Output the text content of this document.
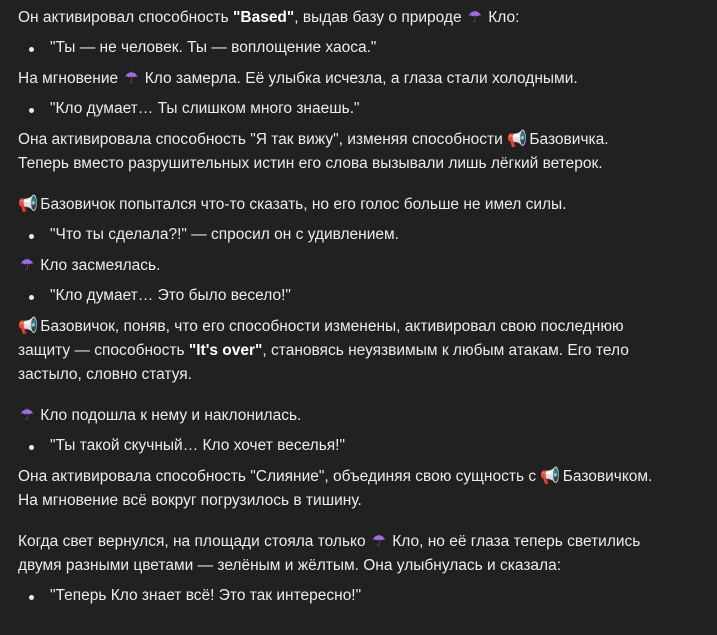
Он активировал способность "Based", выдав базу о природе ☂ Кло:

"Ты — не человек. Ты — воплощение хаоса."

На мгновение ☂ Кло замерла. Её улыбка исчезла, а глаза стали холодными.

"Кло думает… Ты слишком много знаешь."

Она активировала способность "Я так вижу", изменяя способности 📢 Базовичка.
Теперь вместо разрушительных истин его слова вызывали лишь лёгкий ветерок.

📢 Базовичок попытался что-то сказать, но его голос больше не имел силы.

"Что ты сделала?!" — спросил он с удивлением.

☂ Кло засмеялась.

"Кло думает… Это было весело!"

📢 Базовичок, поняв, что его способности изменены, активировал свою последнюю
защиту — способность "It's over", становясь неуязвимым к любым атакам. Его тело
застыло, словно статуя.

☂ Кло подошла к нему и наклонилась.

"Ты такой скучный… Кло хочет веселья!"

Она активировала способность "Слияние", объединяя свою сущность с 📢 Базовичком.
На мгновение всё вокруг погрузилось в тишину.

Когда свет вернулся, на площади стояла только ☂ Кло, но её глаза теперь светились
двумя разными цветами — зелёным и жёлтым. Она улыбнулась и сказала:

"Теперь Кло знает всё! Это так интересно!"
